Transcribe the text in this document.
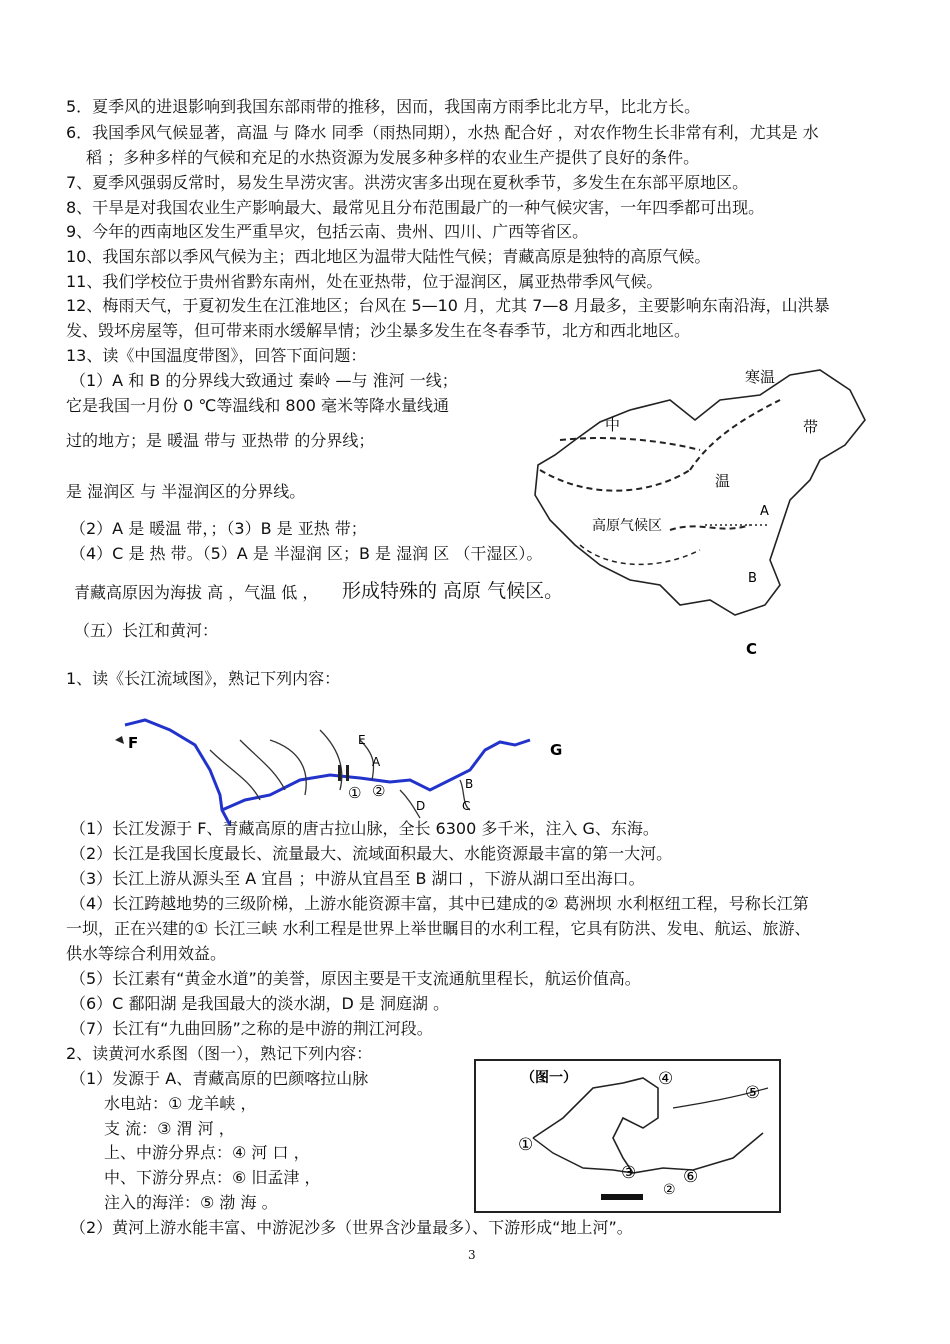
5．夏季风的进退影响到我国东部雨带的推移，因而，我国南方雨季比北方早，比北方长。
6．我国季风气候显著，高温 与 降水 同季（雨热同期），水热 配合好 ，对农作物生长非常有利，尤其是 水
稻 ；多种多样的气候和充足的水热资源为发展多种多样的农业生产提供了良好的条件。
7、夏季风强弱反常时，易发生旱涝灾害。洪涝灾害多出现在夏秋季节，多发生在东部平原地区。
8、干旱是对我国农业生产影响最大、最常见且分布范围最广的一种气候灾害，一年四季都可出现。
9、今年的西南地区发生严重旱灾，包括云南、贵州、四川、广西等省区。
10、我国东部以季风气候为主；西北地区为温带大陆性气候；青藏高原是独特的高原气候。
11、我们学校位于贵州省黔东南州，处在亚热带，位于湿润区，属亚热带季风气候。
12、梅雨天气，于夏初发生在江淮地区；台风在 5—10 月，尤其 7—8 月最多，主要影响东南沿海，山洪暴
发、毁坏房屋等，但可带来雨水缓解旱情；沙尘暴多发生在冬春季节，北方和西北地区。
13、读《中国温度带图》，回答下面问题：
（1）A 和 B 的分界线大致通过 秦岭 —与 淮河 一线；
它是我国一月份 0 ℃等温线和 800 毫米等降水量线通
过的地方；是 暖温 带与 亚热带 的分界线；
是 湿润区 与 半湿润区的分界线。
（2）A 是 暖温 带，；（3）B 是 亚热 带；
（4）C 是 热 带。（5）A 是 半湿润 区；B 是 湿润 区 （干湿区）。
青藏高原因为海拔 高 ，气温 低 ， 形成特殊的 高原 气候区。
（五）长江和黄河：
1、读《长江流域图》，熟记下列内容：
（1）长江发源于 F、青藏高原的唐古拉山脉，全长 6300 多千米，注入 G、东海。
（2）长江是我国长度最长、流量最大、流域面积最大、水能资源最丰富的第一大河。
（3）长江上游从源头至 A 宜昌 ；中游从宜昌至 B 湖口 ，下游从湖口至出海口。
（4）长江跨越地势的三级阶梯，上游水能资源丰富，其中已建成的② 葛洲坝 水利枢纽工程，号称长江第
一坝，正在兴建的① 长江三峡 水利工程是世界上举世瞩目的水利工程，它具有防洪、发电、航运、旅游、
供水等综合利用效益。
（5）长江素有“黄金水道”的美誉，原因主要是干支流通航里程长，航运价值高。
（6）C 鄱阳湖 是我国最大的淡水湖，D 是 洞庭湖 。
（7）长江有“九曲回肠”之称的是中游的荆江河段。
2、读黄河水系图（图一），熟记下列内容：
（1）发源于 A、青藏高原的巴颜喀拉山脉
水电站：① 龙羊峡 ，
支 流：③ 渭 河 ，
上、中游分界点：④ 河 口 ，
中、下游分界点：⑥ 旧孟津 ，
注入的海洋：⑤ 渤 海 。
（2）黄河上游水能丰富、中游泥沙多（世界含沙量最多）、下游形成“地上河”。
寒温
带
中
温
高原气候区
A
B
C
F	G
E
A
B
C
D
① ②
（图一）
①
③
④
⑤
⑥
②
3
